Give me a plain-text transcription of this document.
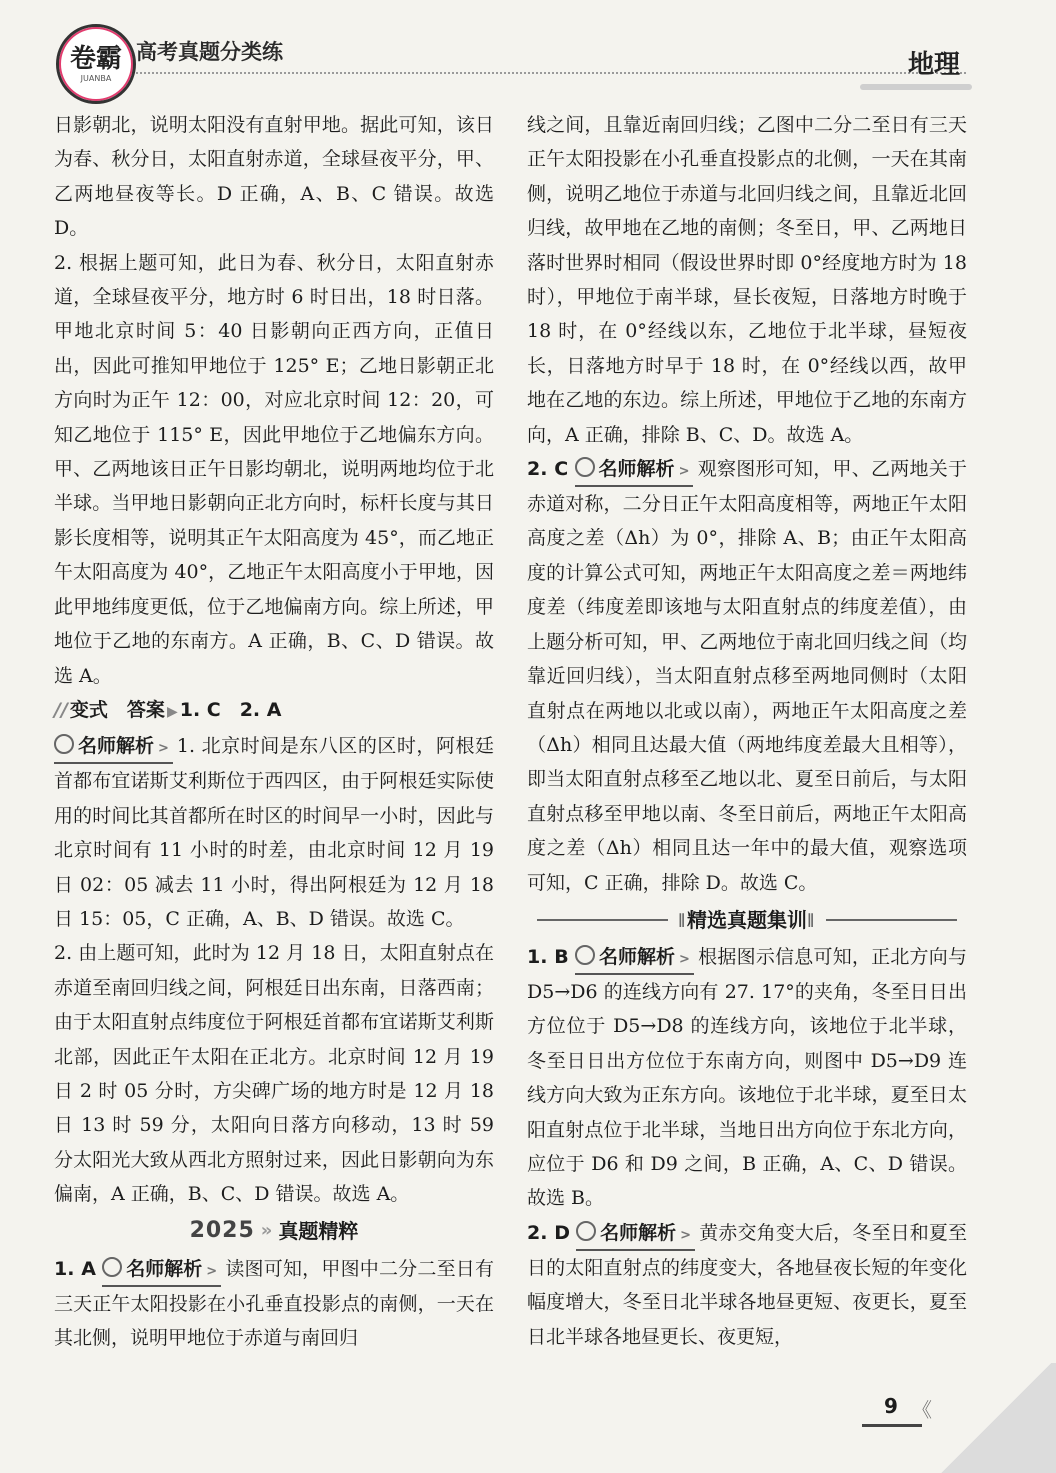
卷霸
JUANBA
高考真题分类练	地理

日影朝北，说明太阳没有直射甲地。据此可知，该日为春、秋分日，太阳直射赤道，全球昼夜平分，甲、乙两地昼夜等长。D 正确，A、B、C 错误。故选 D。

2. 根据上题可知，此日为春、秋分日，太阳直射赤道，全球昼夜平分，地方时 6 时日出，18 时日落。甲地北京时间 5：40 日影朝向正西方向，正值日出，因此可推知甲地位于 125° E；乙地日影朝正北方向时为正午 12：00，对应北京时间 12：20，可知乙地位于 115° E，因此甲地位于乙地偏东方向。甲、乙两地该日正午日影均朝北，说明两地均位于北半球。当甲地日影朝向正北方向时，标杆长度与其日影长度相等，说明其正午太阳高度为 45°，而乙地正午太阳高度为 40°，乙地正午太阳高度小于甲地，因此甲地纬度更低，位于乙地偏南方向。综上所述，甲地位于乙地的东南方。A 正确，B、C、D 错误。故选 A。

// 变式　 答案 ▶ 1. C　2. A

名师解析 > 1. 北京时间是东八区的区时，阿根廷首都布宜诺斯艾利斯位于西四区，由于阿根廷实际使用的时间比其首都所在时区的时间早一小时，因此与北京时间有 11 小时的时差，由北京时间 12 月 19 日 02：05 减去 11 小时，得出阿根廷为 12 月 18 日 15：05，C 正确，A、B、D 错误。故选 C。

2. 由上题可知，此时为 12 月 18 日，太阳直射点在赤道至南回归线之间，阿根廷日出东南，日落西南；由于太阳直射点纬度位于阿根廷首都布宜诺斯艾利斯北部，因此正午太阳在正北方。北京时间 12 月 19 日 2 时 05 分时，方尖碑广场的地方时是 12 月 18 日 13 时 59 分，太阳向日落方向移动，13 时 59 分太阳光大致从西北方照射过来，因此日影朝向为东偏南，A 正确，B、C、D 错误。故选 A。

2025 » 真题精粹

1. A 名师解析 > 读图可知，甲图中二分二至日有三天正午太阳投影在小孔垂直投影点的南侧，一天在其北侧，说明甲地位于赤道与南回归

线之间，且靠近南回归线；乙图中二分二至日有三天正午太阳投影在小孔垂直投影点的北侧，一天在其南侧，说明乙地位于赤道与北回归线之间，且靠近北回归线，故甲地在乙地的南侧；冬至日，甲、乙两地日落时世界时相同（假设世界时即 0°经度地方时为 18 时），甲地位于南半球，昼长夜短，日落地方时晚于 18 时，在 0°经线以东，乙地位于北半球，昼短夜长，日落地方时早于 18 时，在 0°经线以西，故甲地在乙地的东边。综上所述，甲地位于乙地的东南方向，A 正确，排除 B、C、D。故选 A。

2. C 名师解析 > 观察图形可知，甲、乙两地关于赤道对称，二分日正午太阳高度相等，两地正午太阳高度之差（Δh）为 0°，排除 A、B；由正午太阳高度的计算公式可知，两地正午太阳高度之差＝两地纬度差（纬度差即该地与太阳直射点的纬度差值），由上题分析可知，甲、乙两地位于南北回归线之间（均靠近回归线），当太阳直射点移至两地同侧时（太阳直射点在两地以北或以南），两地正午太阳高度之差（Δh）相同且达最大值（两地纬度差最大且相等），即当太阳直射点移至乙地以北、夏至日前后，与太阳直射点移至甲地以南、冬至日前后，两地正午太阳高度之差（Δh）相同且达一年中的最大值，观察选项可知，C 正确，排除 D。故选 C。

∥ 精选真题集训 ∥

1. B 名师解析 > 根据图示信息可知，正北方向与 D5→D6 的连线方向有 27. 17°的夹角，冬至日日出方位位于 D5→D8 的连线方向，该地位于北半球，冬至日日出方位位于东南方向，则图中 D5→D9 连线方向大致为正东方向。该地位于北半球，夏至日太阳直射点位于北半球，当地日出方向位于东北方向，应位于 D6 和 D9 之间，B 正确，A、C、D 错误。故选 B。

2. D 名师解析 > 黄赤交角变大后，冬至日和夏至日的太阳直射点的纬度变大，各地昼夜长短的年变化幅度增大，冬至日北半球各地昼更短、夜更长，夏至日北半球各地昼更长、夜更短，

9 《
